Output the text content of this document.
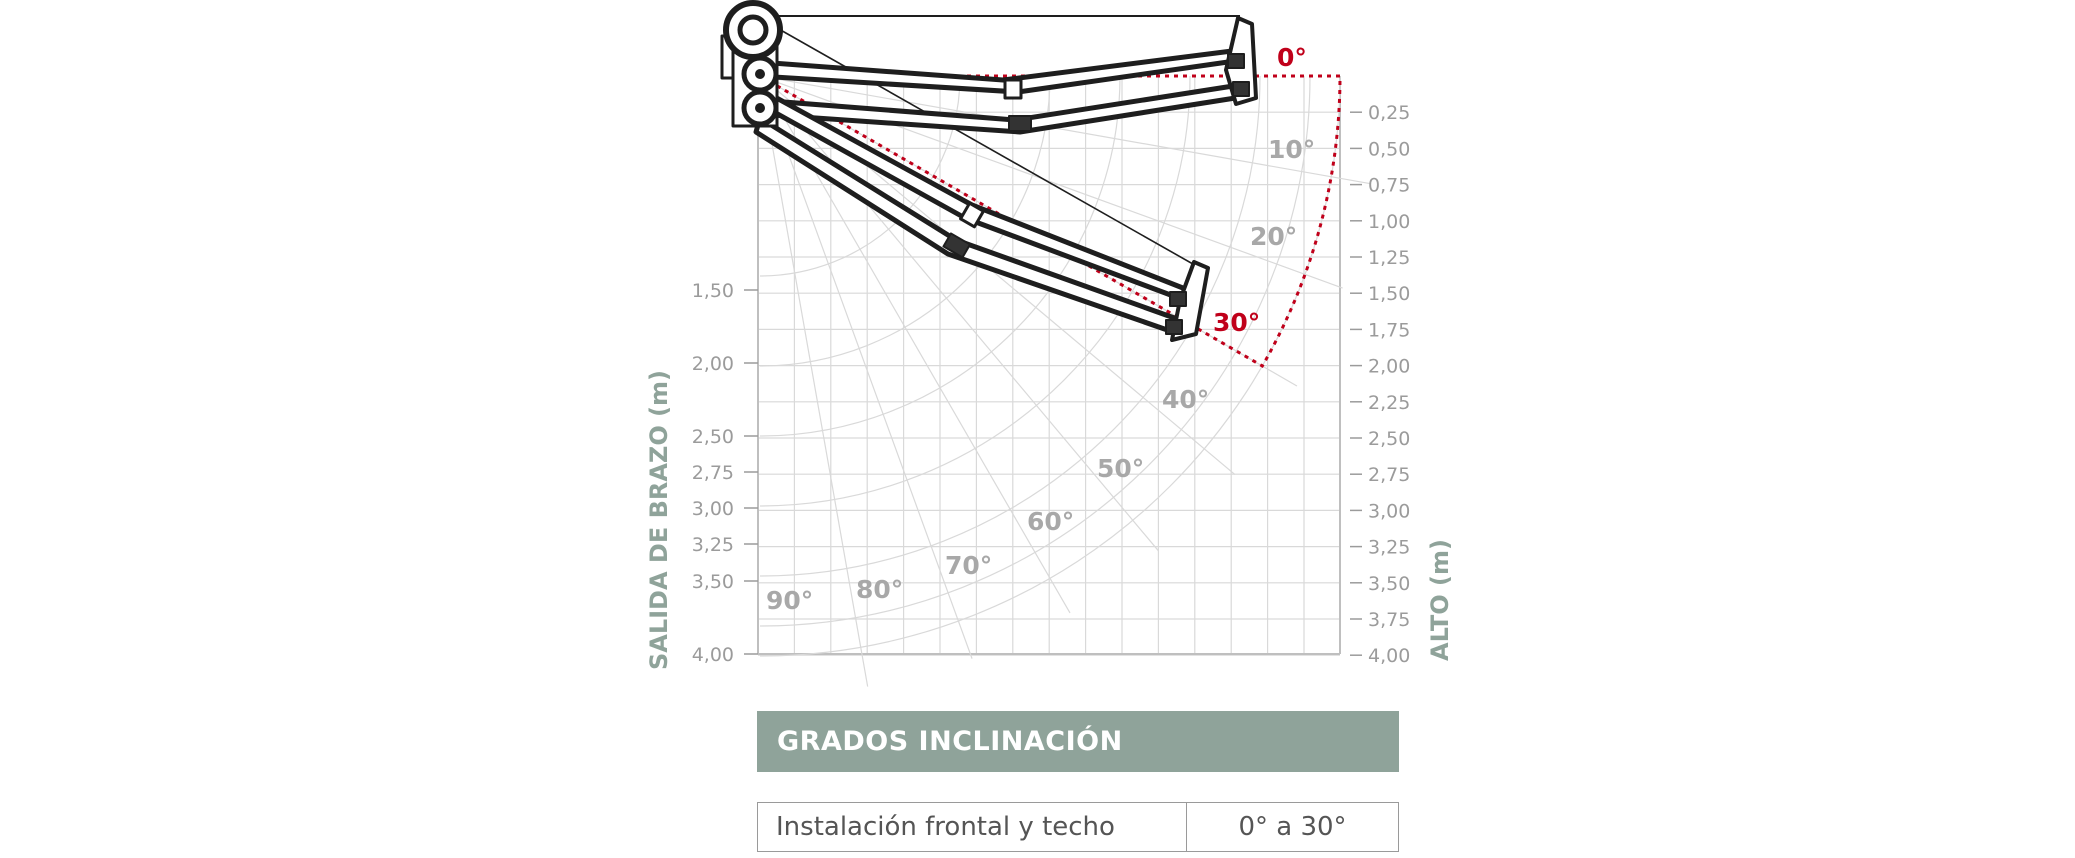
1,50
2,00
2,50
2,75
3,00
3,25
3,50
4,00
0,25
0,50
0,75
1,00
1,25
1,50
1,75
2,00
2,25
2,50
2,75
3,00
3,25
3,50
3,75
4,00
0°
10°
20°
30°
40°
50°
60°
70°
80°
90°
SALIDA DE BRAZO (m)	ALTO (m)
GRADOS INCLINACIÓN
Instalación frontal y techo	0° a 30°
